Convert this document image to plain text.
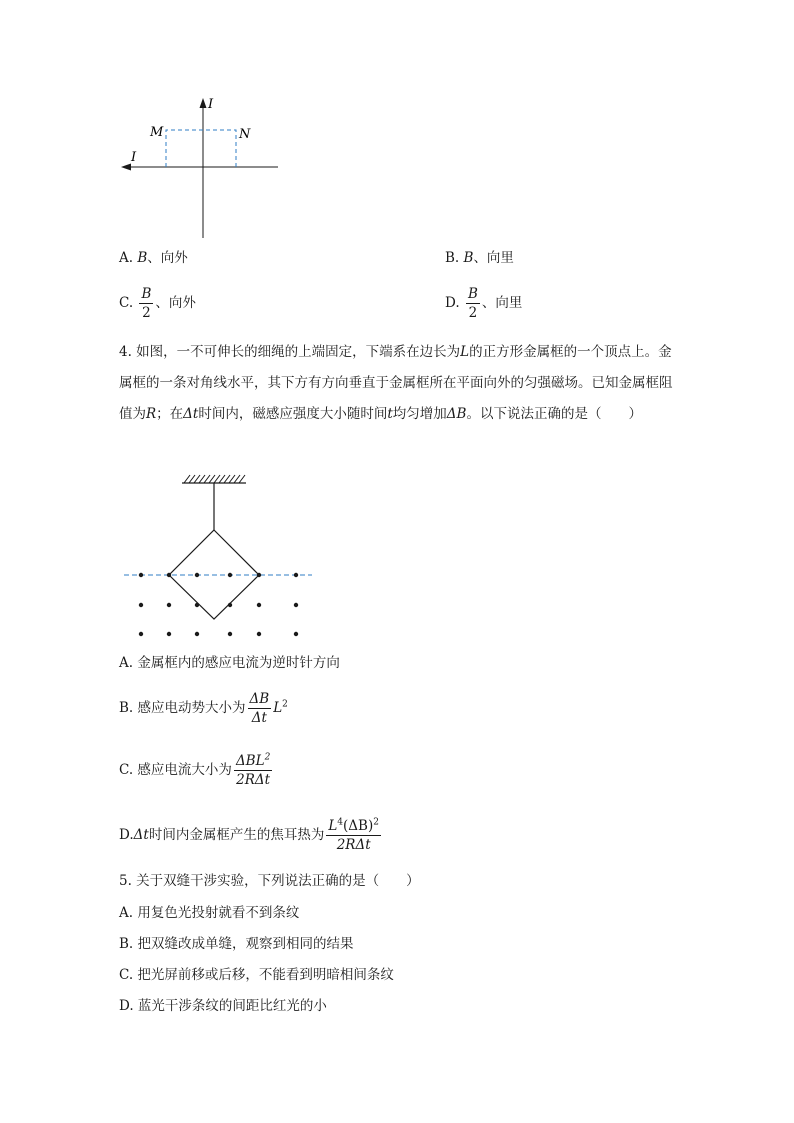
I
I
M	N
A. B、向外	B. B、向里
C. $\frac{B}{2}$ 、向外	D. $\frac{B}{2}$ 、向里
4. 如图，一不可伸长的细绳的上端固定，下端系在边长为L的正方形金属框的一个顶点上。金属框的一条对角线水平，其下方有方向垂直于金属框所在平面向外的匀强磁场。已知金属框阻值为R；在Δt时间内，磁感应强度大小随时间t均匀增加ΔB。以下说法正确的是（　　）
A. 金属框内的感应电流为逆时针方向
B. 感应电动势大小为 $\frac{\Delta B}{\Delta t} L^2$
C. 感应电流大小为 $\frac{\Delta BL^2}{\text{2RΔt}}$
D.Δt时间内金属框产生的焦耳热为 $\frac{L^4(\Delta B)^2}{\text{2RΔt}}$
5. 关于双缝干涉实验，下列说法正确的是（　　）
A. 用复色光投射就看不到条纹
B. 把双缝改成单缝，观察到相同的结果
C. 把光屏前移或后移，不能看到明暗相间条纹
D. 蓝光干涉条纹的间距比红光的小
